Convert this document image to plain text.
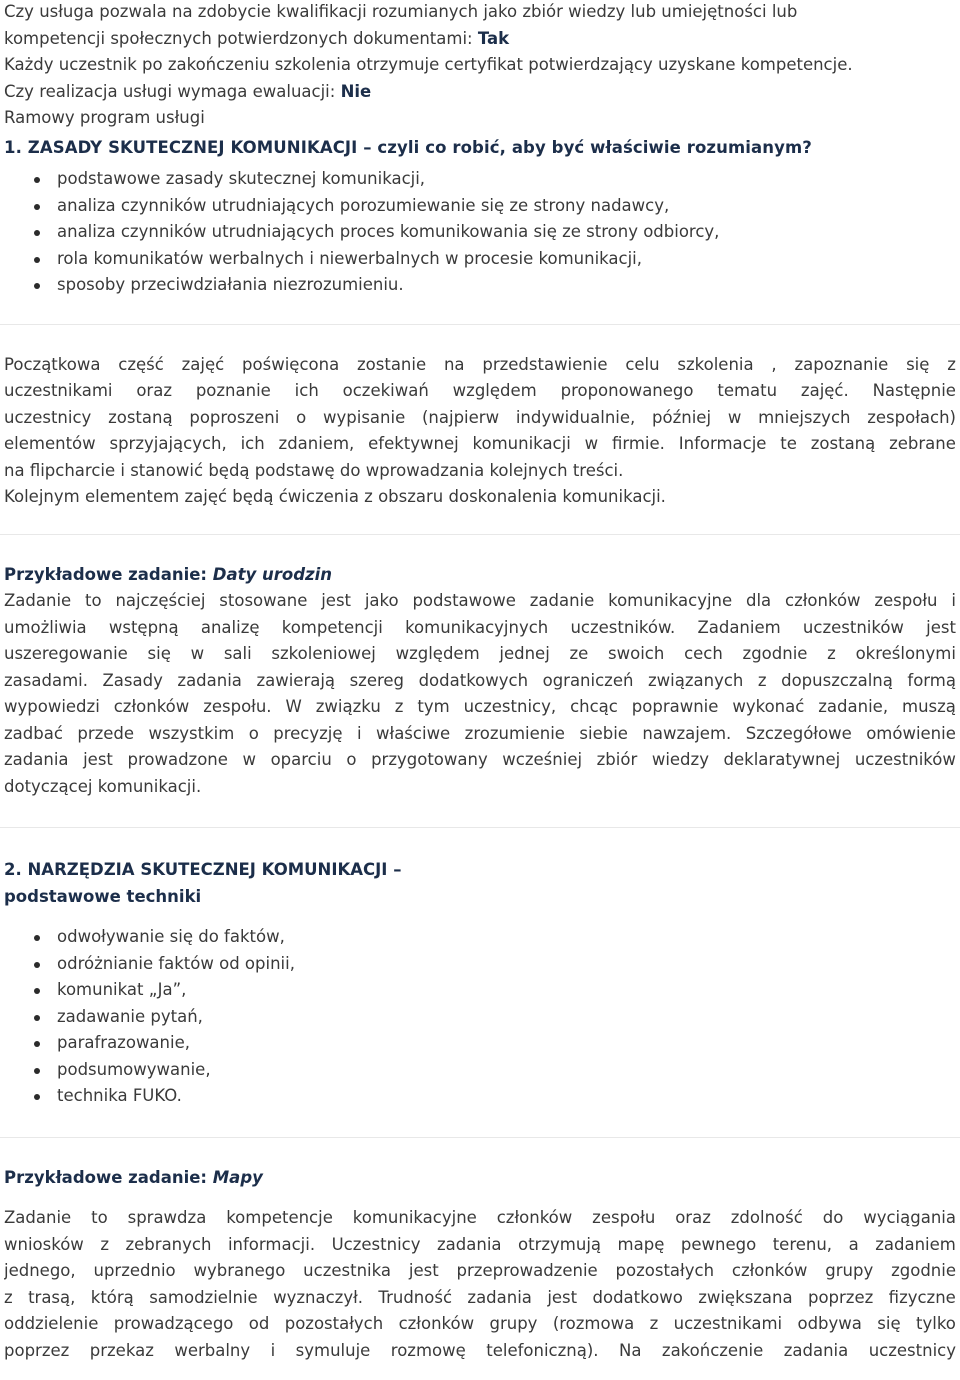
Czy usługa pozwala na zdobycie kwalifikacji rozumianych jako zbiór wiedzy lub umiejętności lub
kompetencji społecznych potwierdzonych dokumentami: Tak
Każdy uczestnik po zakończeniu szkolenia otrzymuje certyfikat potwierdzający uzyskane kompetencje.
Czy realizacja usługi wymaga ewaluacji: Nie
Ramowy program usługi
1. ZASADY SKUTECZNEJ KOMUNIKACJI – czyli co robić, aby być właściwie rozumianym?
podstawowe zasady skutecznej komunikacji,
analiza czynników utrudniających porozumiewanie się ze strony nadawcy,
analiza czynników utrudniających proces komunikowania się ze strony odbiorcy,
rola komunikatów werbalnych i niewerbalnych w procesie komunikacji,
sposoby przeciwdziałania niezrozumieniu.
Początkowa część zajęć poświęcona zostanie na przedstawienie celu szkolenia , zapoznanie się z
uczestnikami oraz poznanie ich oczekiwań względem proponowanego tematu zajęć. Następnie
uczestnicy zostaną poproszeni o wypisanie (najpierw indywidualnie, później w mniejszych zespołach)
elementów sprzyjających, ich zdaniem, efektywnej komunikacji w firmie. Informacje te zostaną zebrane
na flipcharcie i stanowić będą podstawę do wprowadzania kolejnych treści.
Kolejnym elementem zajęć będą ćwiczenia z obszaru doskonalenia komunikacji.
Przykładowe zadanie: Daty urodzin
Zadanie to najczęściej stosowane jest jako podstawowe zadanie komunikacyjne dla członków zespołu i
umożliwia wstępną analizę kompetencji komunikacyjnych uczestników. Zadaniem uczestników jest
uszeregowanie się w sali szkoleniowej względem jednej ze swoich cech zgodnie z określonymi
zasadami. Zasady zadania zawierają szereg dodatkowych ograniczeń związanych z dopuszczalną formą
wypowiedzi członków zespołu. W związku z tym uczestnicy, chcąc poprawnie wykonać zadanie, muszą
zadbać przede wszystkim o precyzję i właściwe zrozumienie siebie nawzajem. Szczegółowe omówienie
zadania jest prowadzone w oparciu o przygotowany wcześniej zbiór wiedzy deklaratywnej uczestników
dotyczącej komunikacji.
2. NARZĘDZIA SKUTECZNEJ KOMUNIKACJI –
podstawowe techniki
odwoływanie się do faktów,
odróżnianie faktów od opinii,
komunikat „Ja”,
zadawanie pytań,
parafrazowanie,
podsumowywanie,
technika FUKO.
Przykładowe zadanie: Mapy
Zadanie to sprawdza kompetencje komunikacyjne członków zespołu oraz zdolność do wyciągania
wniosków z zebranych informacji. Uczestnicy zadania otrzymują mapę pewnego terenu, a zadaniem
jednego, uprzednio wybranego uczestnika jest przeprowadzenie pozostałych członków grupy zgodnie
z trasą, którą samodzielnie wyznaczył. Trudność zadania jest dodatkowo zwiększana poprzez fizyczne
oddzielenie prowadzącego od pozostałych członków grupy (rozmowa z uczestnikami odbywa się tylko
poprzez przekaz werbalny i symuluje rozmowę telefoniczną). Na zakończenie zadania uczestnicy
